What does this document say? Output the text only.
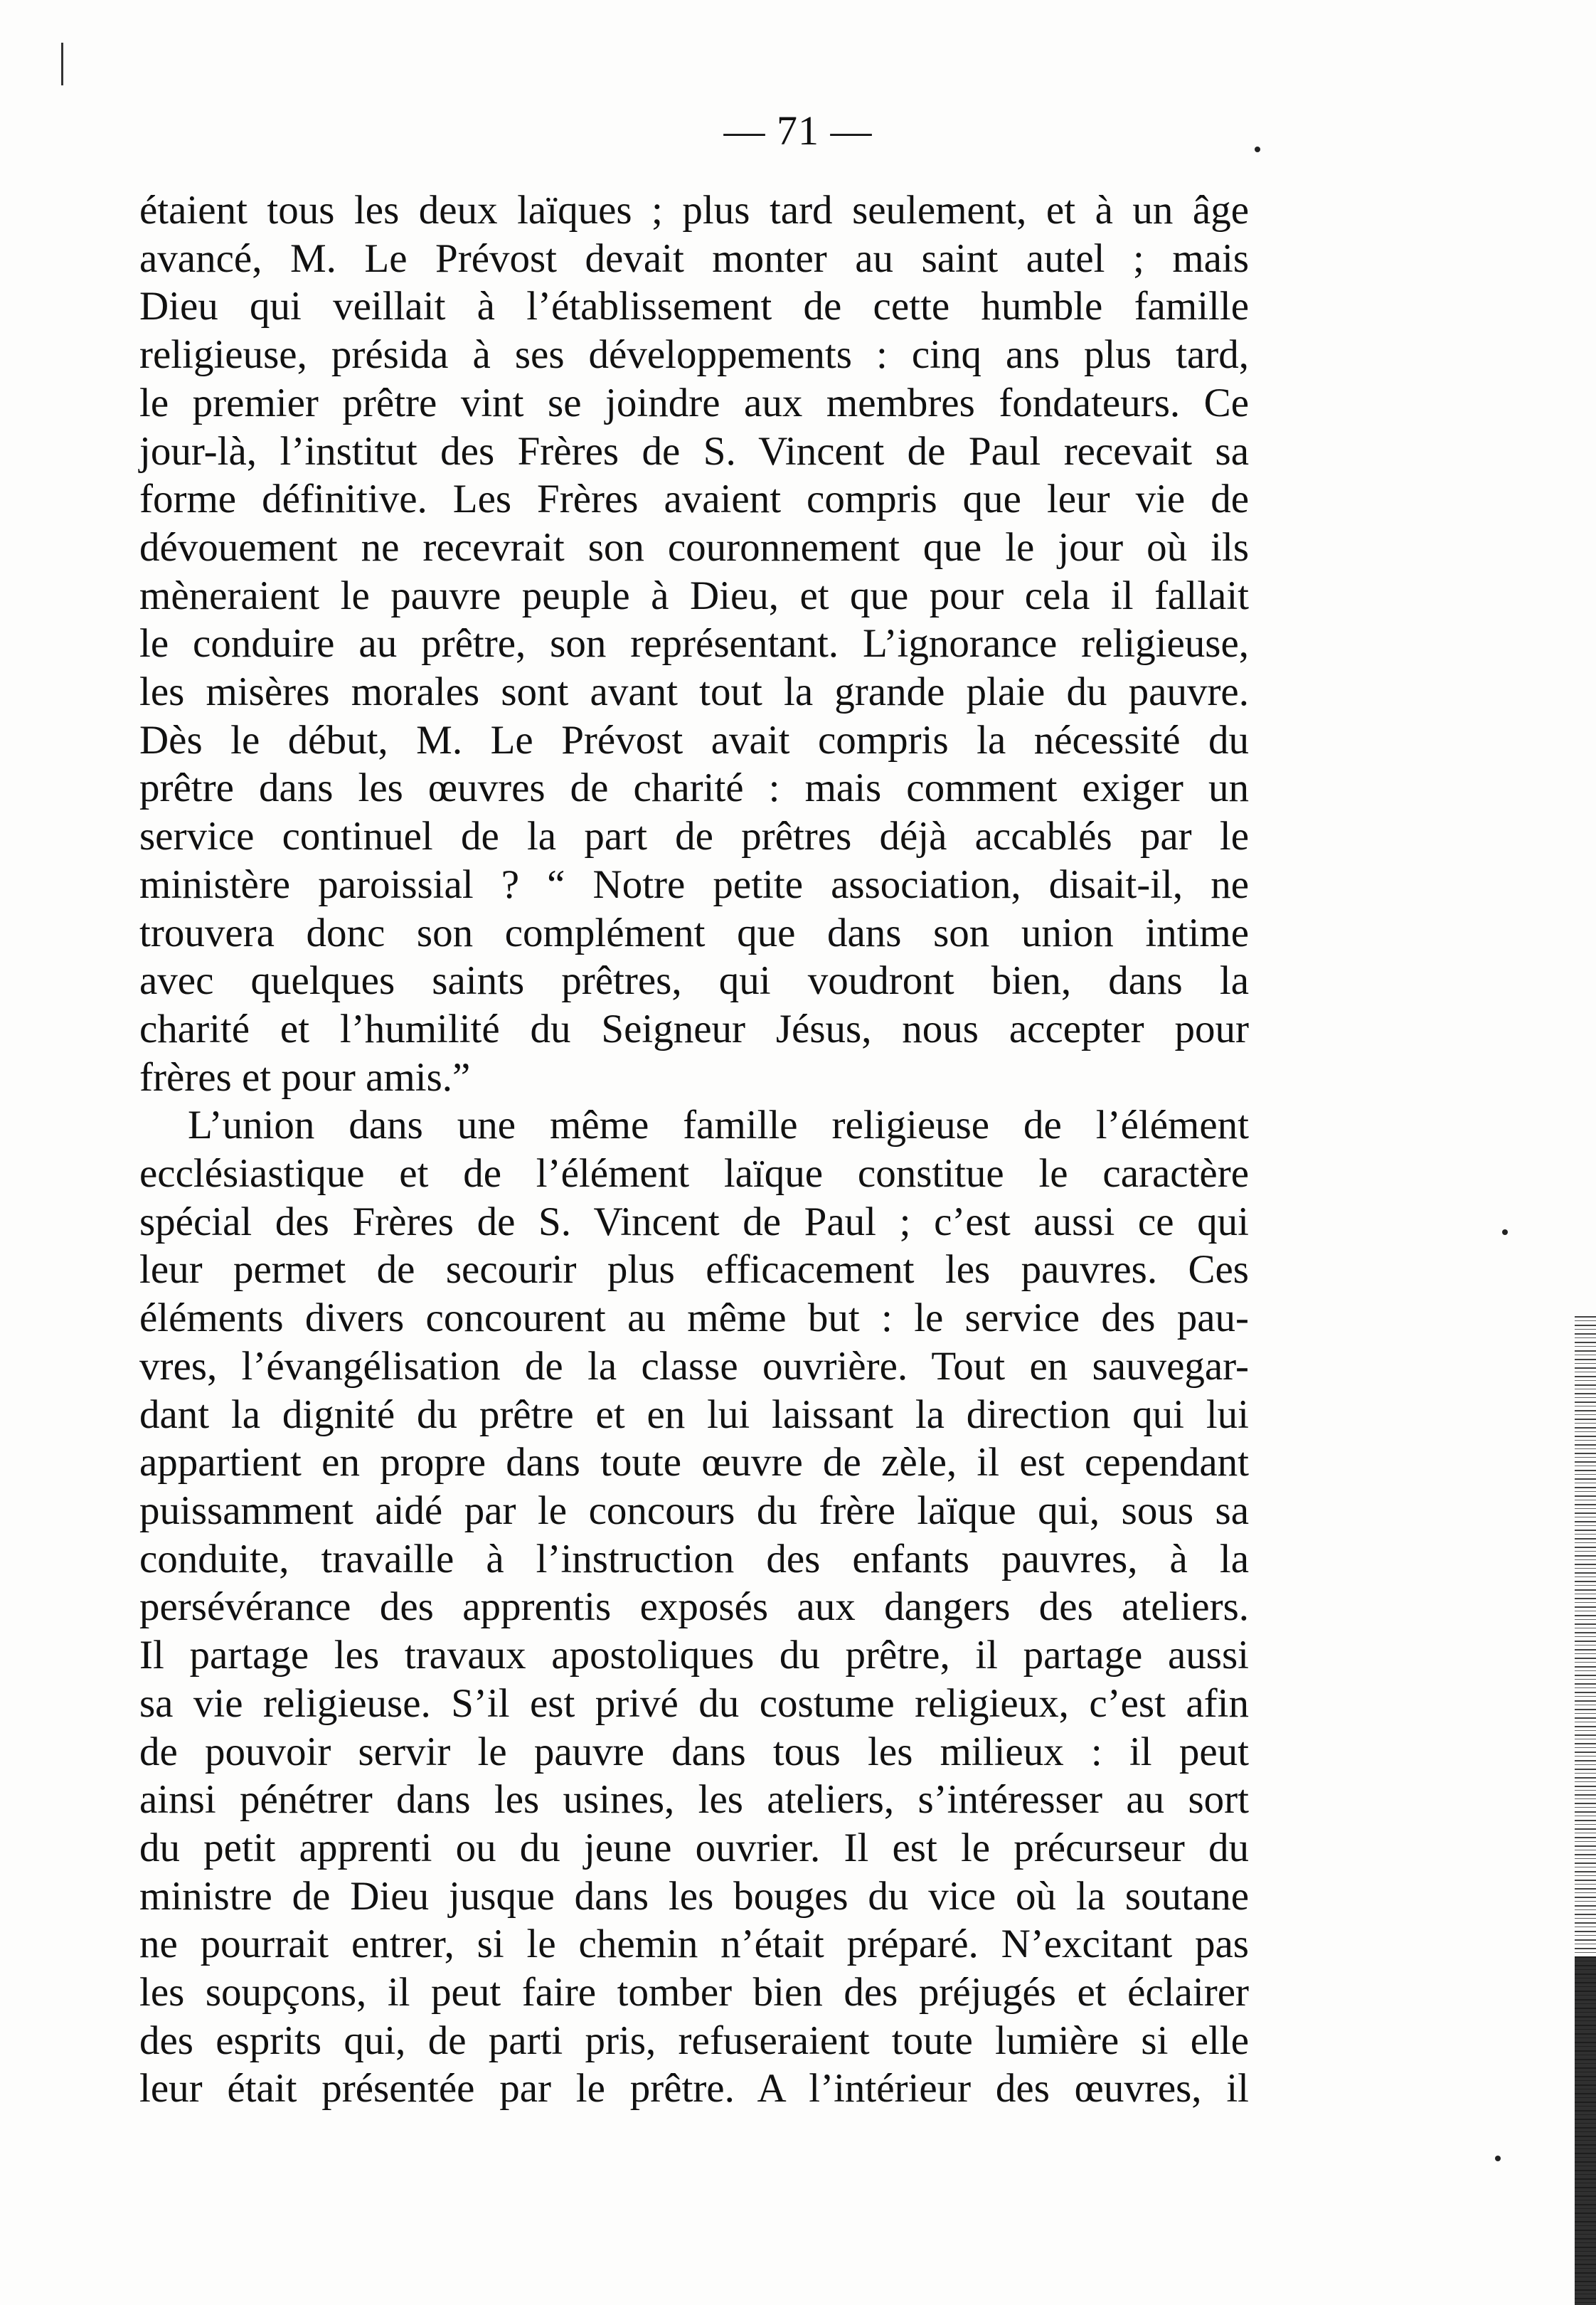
— 71 —
étaient tous les deux laïques ; plus tard seulement, et à un âge
avancé, M. Le Prévost devait monter au saint autel ; mais
Dieu qui veillait à l’établissement de cette humble famille
religieuse, présida à ses développements : cinq ans plus tard,
le premier prêtre vint se joindre aux membres fondateurs. Ce
jour-là, l’institut des Frères de S. Vincent de Paul recevait sa
forme définitive. Les Frères avaient compris que leur vie de
dévouement ne recevrait son couronnement que le jour où ils
mèneraient le pauvre peuple à Dieu, et que pour cela il fallait
le conduire au prêtre, son représentant. L’ignorance religieuse,
les misères morales sont avant tout la grande plaie du pauvre.
Dès le début, M. Le Prévost avait compris la nécessité du
prêtre dans les œuvres de charité : mais comment exiger un
service continuel de la part de prêtres déjà accablés par le
ministère paroissial ? “ Notre petite association, disait-il, ne
trouvera donc son complément que dans son union intime
avec quelques saints prêtres, qui voudront bien, dans la
charité et l’humilité du Seigneur Jésus, nous accepter pour
frères et pour amis.”
L’union dans une même famille religieuse de l’élément
ecclésiastique et de l’élément laïque constitue le caractère
spécial des Frères de S. Vincent de Paul ; c’est aussi ce qui
leur permet de secourir plus efficacement les pauvres. Ces
éléments divers concourent au même but : le service des pau-
vres, l’évangélisation de la classe ouvrière. Tout en sauvegar-
dant la dignité du prêtre et en lui laissant la direction qui lui
appartient en propre dans toute œuvre de zèle, il est cependant
puissamment aidé par le concours du frère laïque qui, sous sa
conduite, travaille à l’instruction des enfants pauvres, à la
persévérance des apprentis exposés aux dangers des ateliers.
Il partage les travaux apostoliques du prêtre, il partage aussi
sa vie religieuse. S’il est privé du costume religieux, c’est afin
de pouvoir servir le pauvre dans tous les milieux : il peut
ainsi pénétrer dans les usines, les ateliers, s’intéresser au sort
du petit apprenti ou du jeune ouvrier. Il est le précurseur du
ministre de Dieu jusque dans les bouges du vice où la soutane
ne pourrait entrer, si le chemin n’était préparé. N’excitant pas
les soupçons, il peut faire tomber bien des préjugés et éclairer
des esprits qui, de parti pris, refuseraient toute lumière si elle
leur était présentée par le prêtre. A l’intérieur des œuvres, il
